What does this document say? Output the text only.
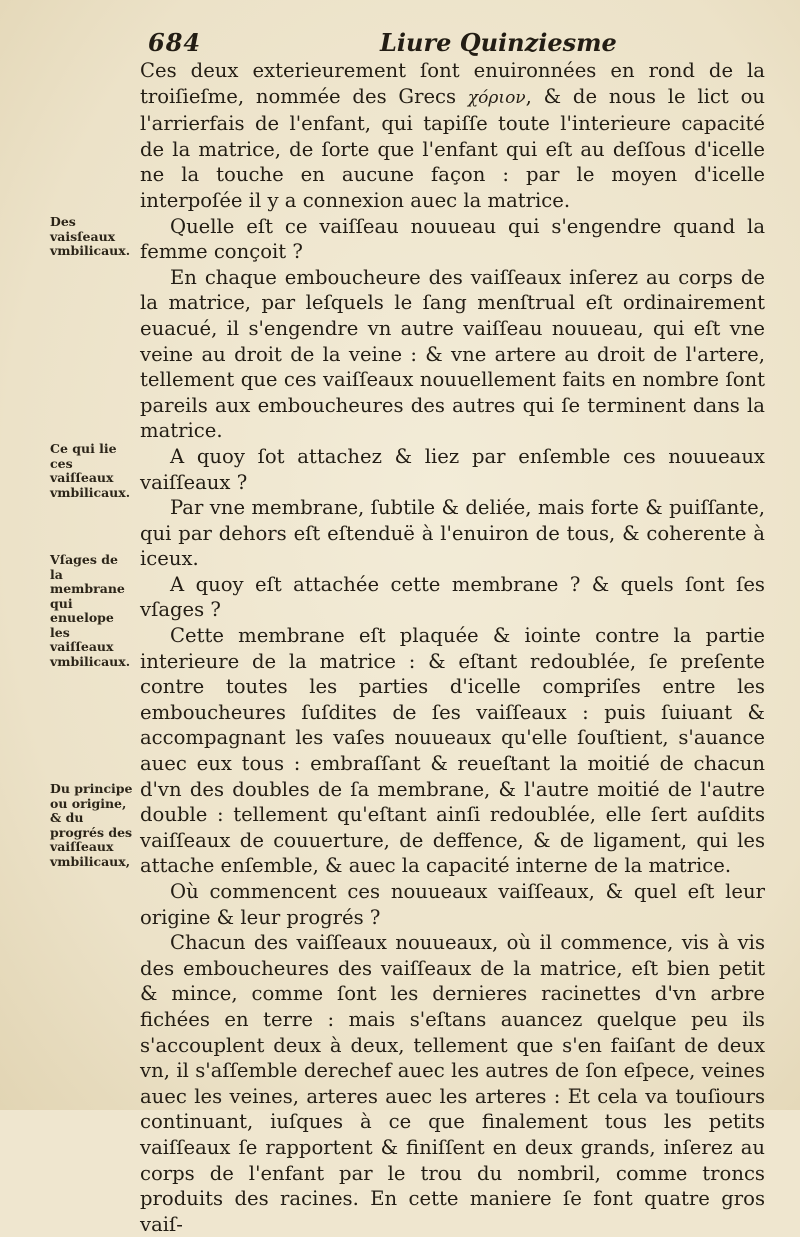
684	Liure Quinziesme
Des vaisſeaux vmbilicaux.
Ce qui lie ces vaiſſeaux vmbilicaux.
Vſages de la membrane qui enuelope les vaiſſeaux vmbilicaux.
Du principe ou origine, & du progrés des vaiſſeaux vmbilicaux,

Ces deux exterieurement ſont enuironnées en rond de la troiſieſme, nommée des Grecs χόριον, & de nous le lict ou l'arrierfais de l'enfant, qui tapiſſe toute l'interieure capacité de la matrice, de ſorte que l'enfant qui eſt au deſſous d'icelle ne la touche en aucune façon : par le moyen d'icelle interpoſée il y a connexion auec la matrice.

Quelle eſt ce vaiſſeau nouueau qui s'engendre quand la femme conçoit ?

En chaque emboucheure des vaiſſeaux inſerez au corps de la matrice, par leſquels le ſang menſtrual eſt ordinairement euacué, il s'engendre vn autre vaiſſeau nouueau, qui eſt vne veine au droit de la veine : & vne artere au droit de l'artere, tellement que ces vaiſſeaux nouuellement faits en nombre ſont pareils aux emboucheures des autres qui ſe terminent dans la matrice.

A quoy ſot attachez & liez par enſemble ces nouueaux vaiſſeaux ?

Par vne membrane, ſubtile & deliée, mais forte & puiſſante, qui par dehors eſt eſtenduë à l'enuiron de tous, & coherente à iceux.

A quoy eſt attachée cette membrane ? & quels ſont ſes vſages ?

Cette membrane eſt plaquée & iointe contre la partie interieure de la matrice : & eſtant redoublée, ſe preſente contre toutes les parties d'icelle compriſes entre les emboucheures ſuſdites de ſes vaiſſeaux : puis ſuiuant & accompagnant les vaſes nouueaux qu'elle ſouſtient, s'auance auec eux tous : embraſſant & reueſtant la moitié de chacun d'vn des doubles de ſa membrane, & l'autre moitié de l'autre double : tellement qu'eſtant ainſi redoublée, elle ſert auſdits vaiſſeaux de couuerture, de deffence, & de ligament, qui les attache enſemble, & auec la capacité interne de la matrice.

Où commencent ces nouueaux vaiſſeaux, & quel eſt leur origine & leur progrés ?

Chacun des vaiſſeaux nouueaux, où il commence, vis à vis des emboucheures des vaiſſeaux de la matrice, eſt bien petit & mince, comme ſont les dernieres racinettes d'vn arbre fichées en terre : mais s'eſtans auancez quelque peu ils s'accouplent deux à deux, tellement que s'en faiſant de deux vn, il s'aſſemble derechef auec les autres de ſon eſpece, veines auec les veines, arteres auec les arteres : Et cela va touſiours continuant, iuſques à ce que finalement tous les petits vaiſſeaux ſe rapportent & finiſſent en deux grands, inſerez au corps de l'enfant par le trou du nombril, comme troncs produits des racines. En cette maniere ſe font quatre gros vaiſ-
